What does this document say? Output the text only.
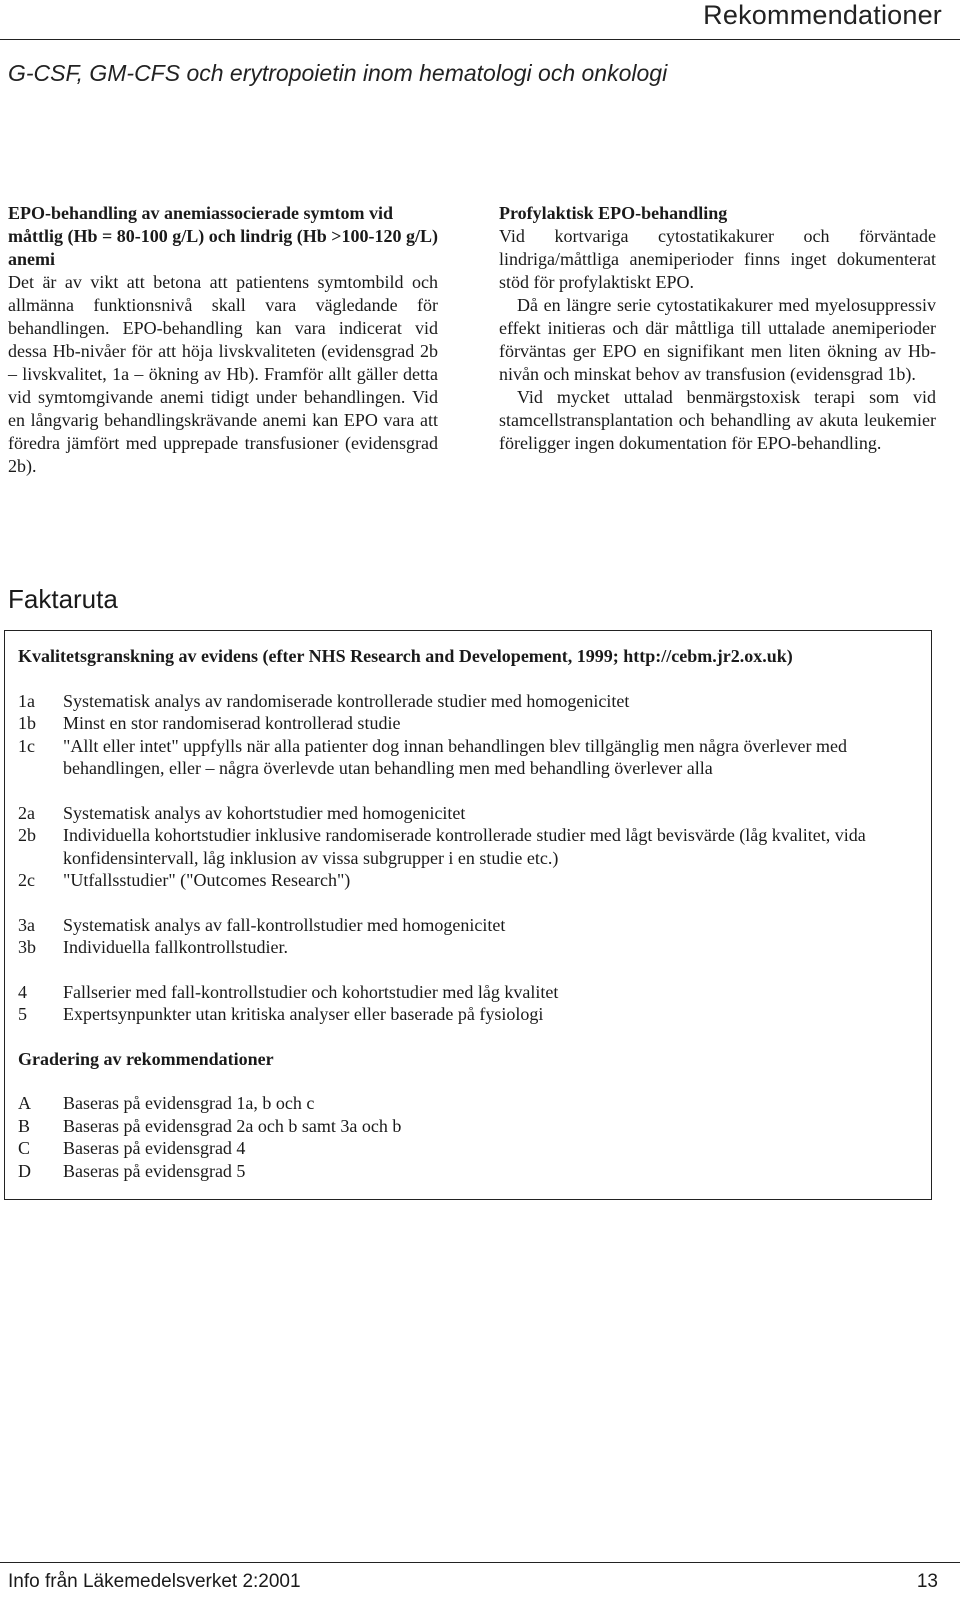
Rekommendationer
G-CSF, GM-CFS och erytropoietin inom hematologi och onkologi
EPO-behandling av anemiassocierade symtom vid måttlig (Hb = 80-100 g/L) och lindrig (Hb >100-120 g/L) anemi

Det är av vikt att betona att patientens symtombild och allmänna funktionsnivå skall vara vägledande för behandlingen. EPO-behandling kan vara indicerat vid dessa Hb-nivåer för att höja livskvaliteten (evidensgrad 2b – livskvalitet, 1a – ökning av Hb). Framför allt gäller detta vid symtomgivande anemi tidigt under behandlingen. Vid en långvarig behandlingskrävande anemi kan EPO vara att föredra jämfört med upprepade transfusioner (evidensgrad 2b).

Profylaktisk EPO-behandling

Vid kortvariga cytostatikakurer och förväntade lindriga/måttliga anemiperioder finns inget dokumenterat stöd för profylaktiskt EPO.

Då en längre serie cytostatikakurer med myelosuppressiv effekt initieras och där måttliga till uttalade anemiperioder förväntas ger EPO en signifikant men liten ökning av Hb-nivån och minskat behov av transfusion (evidensgrad 1b).

Vid mycket uttalad benmärgstoxisk terapi som vid stamcellstransplantation och behandling av akuta leukemier föreligger ingen dokumentation för EPO-behandling.

Faktaruta
Kvalitetsgranskning av evidens (efter NHS Research and Developement, 1999; http://cebm.jr2.ox.uk)
1a	Systematisk analys av randomiserade kontrollerade studier med homogenicitet
1b	Minst en stor randomiserad kontrollerad studie
1c	"Allt eller intet" uppfylls när alla patienter dog innan behandlingen blev tillgänglig men några överlever med behandlingen, eller – några överlevde utan behandling men med behandling överlever alla
2a	Systematisk analys av kohortstudier med homogenicitet
2b	Individuella kohortstudier inklusive randomiserade kontrollerade studier med lågt bevisvärde (låg kvalitet, vida konfidensintervall, låg inklusion av vissa subgrupper i en studie etc.)
2c	"Utfallsstudier" ("Outcomes Research")
3a	Systematisk analys av fall-kontrollstudier med homogenicitet
3b	Individuella fallkontrollstudier.
4	Fallserier med fall-kontrollstudier och kohortstudier med låg kvalitet
5	Expertsynpunkter utan kritiska analyser eller baserade på fysiologi
Gradering av rekommendationer
A	Baseras på evidensgrad 1a, b och c
B	Baseras på evidensgrad 2a och b samt 3a och b
C	Baseras på evidensgrad 4
D	Baseras på evidensgrad 5
Info från Läkemedelsverket 2:2001	13
